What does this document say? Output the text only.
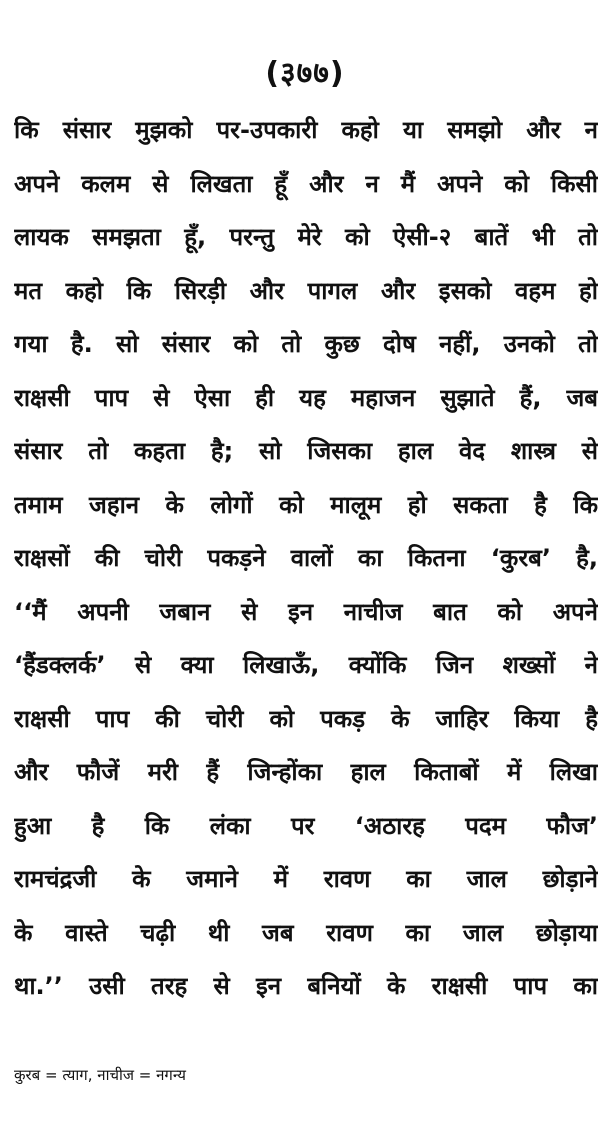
(३७७)
कि संसार मुझको पर-उपकारी कहो या समझो और न
अपने कलम से लिखता हूँ और न मैं अपने को किसी
लायक समझता हूँ, परन्तु मेरे को ऐसी-२ बातें भी तो
मत कहो कि सिरड़ी और पागल और इसको वहम हो
गया है. सो संसार को तो कुछ दोष नहीं, उनको तो
राक्षसी पाप से ऐसा ही यह महाजन सुझाते हैं, जब
संसार तो कहता है; सो जिसका हाल वेद शास्त्र से
तमाम जहान के लोगों को मालूम हो सकता है कि
राक्षसों की चोरी पकड़ने वालों का कितना ‘कुरब’ है,
‘‘मैं अपनी जबान से इन नाचीज बात को अपने
‘हैंडक्लर्क’ से क्या लिखाऊँ, क्योंकि जिन शख्सों ने
राक्षसी पाप की चोरी को पकड़ के जाहिर किया है
और फौजें मरी हैं जिन्होंका हाल किताबों में लिखा
हुआ है कि लंका पर ‘अठारह पदम फौज’
रामचंद्रजी के जमाने में रावण का जाल छोड़ाने
के वास्ते चढ़ी थी जब रावण का जाल छोड़ाया
था.’’ उसी तरह से इन बनियों के राक्षसी पाप का
कुरब = त्याग, नाचीज = नगन्य
